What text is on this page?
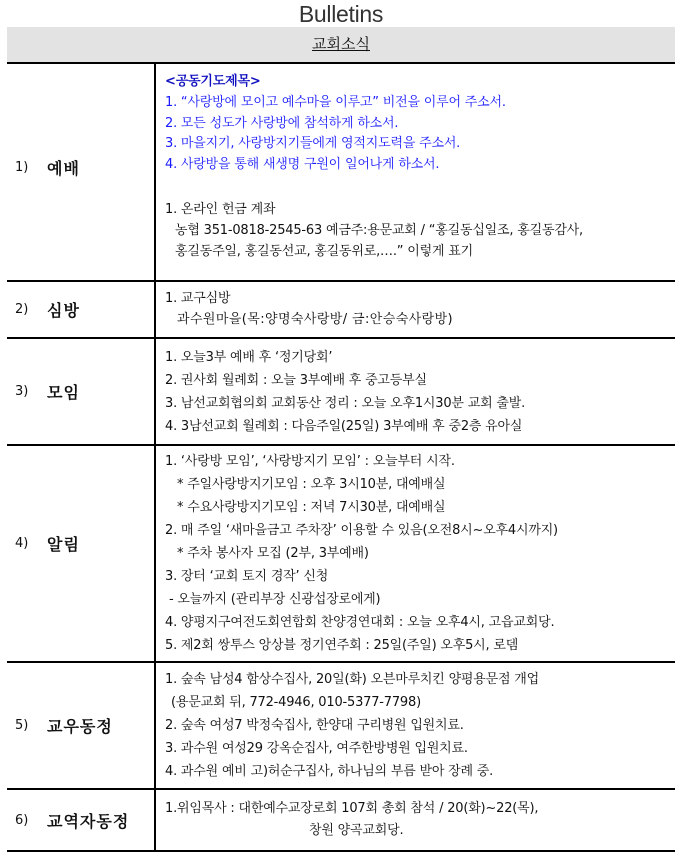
Bulletins
교회소식
1)	예배

<공동기도제목>
1. “사랑방에 모이고 예수마을 이루고” 비전을 이루어 주소서.
2. 모든 성도가 사랑방에 참석하게 하소서.
3. 마을지기, 사랑방지기들에게 영적지도력을 주소서.
4. 사랑방을 통해 새생명 구원이 일어나게 하소서.
1. 온라인 헌금 계좌
농협 351-0818-2545-63 예금주:용문교회 / “홍길동십일조, 홍길동감사,
홍길동주일, 홍길동선교, 홍길동위로,….” 이렇게 표기

2)	심방

1. 교구심방
과수원마을(목:양명숙사랑방/ 금:안승숙사랑방)

3)	모임

1. 오늘3부 예배 후 ‘정기당회’
2. 권사회 월례회 : 오늘 3부예배 후 중고등부실
3. 남선교회협의회 교회동산 정리 : 오늘 오후1시30분 교회 출발.
4. 3남선교회 월례회 : 다음주일(25일) 3부예배 후 중2층 유아실

4)	알림

1. ‘사랑방 모임’, ‘사랑방지기 모임’ : 오늘부터 시작.
* 주일사랑방지기모임 : 오후 3시10분, 대예배실
* 수요사랑방지기모임 : 저녁 7시30분, 대예배실
2. 매 주일 ‘새마을금고 주차장’ 이용할 수 있음(오전8시~오후4시까지)
* 주차 봉사자 모집 (2부, 3부예배)
3. 장터 ‘교회 토지 경작’ 신청
- 오늘까지 (관리부장 신광섭장로에게)
4. 양평지구여전도회연합회 찬양경연대회 : 오늘 오후4시, 고읍교회당.
5. 제2회 쌍투스 앙상블 정기연주회 : 25일(주일) 오후5시, 로뎀

5)	교우동정

1. 숲속 남성4 함상수집사, 20일(화) 오븐마루치킨 양평용문점 개업
(용문교회 뒤, 772-4946, 010-5377-7798)
2. 숲속 여성7 박정숙집사, 한양대 구리병원 입원치료.
3. 과수원 여성29 강옥순집사, 여주한방병원 입원치료.
4. 과수원 예비 고)허순구집사, 하나님의 부름 받아 장례 중.

6)	교역자동정

1.위임목사 : 대한예수교장로회 107회 총회 참석 / 20(화)~22(목),
창원 양곡교회당.
